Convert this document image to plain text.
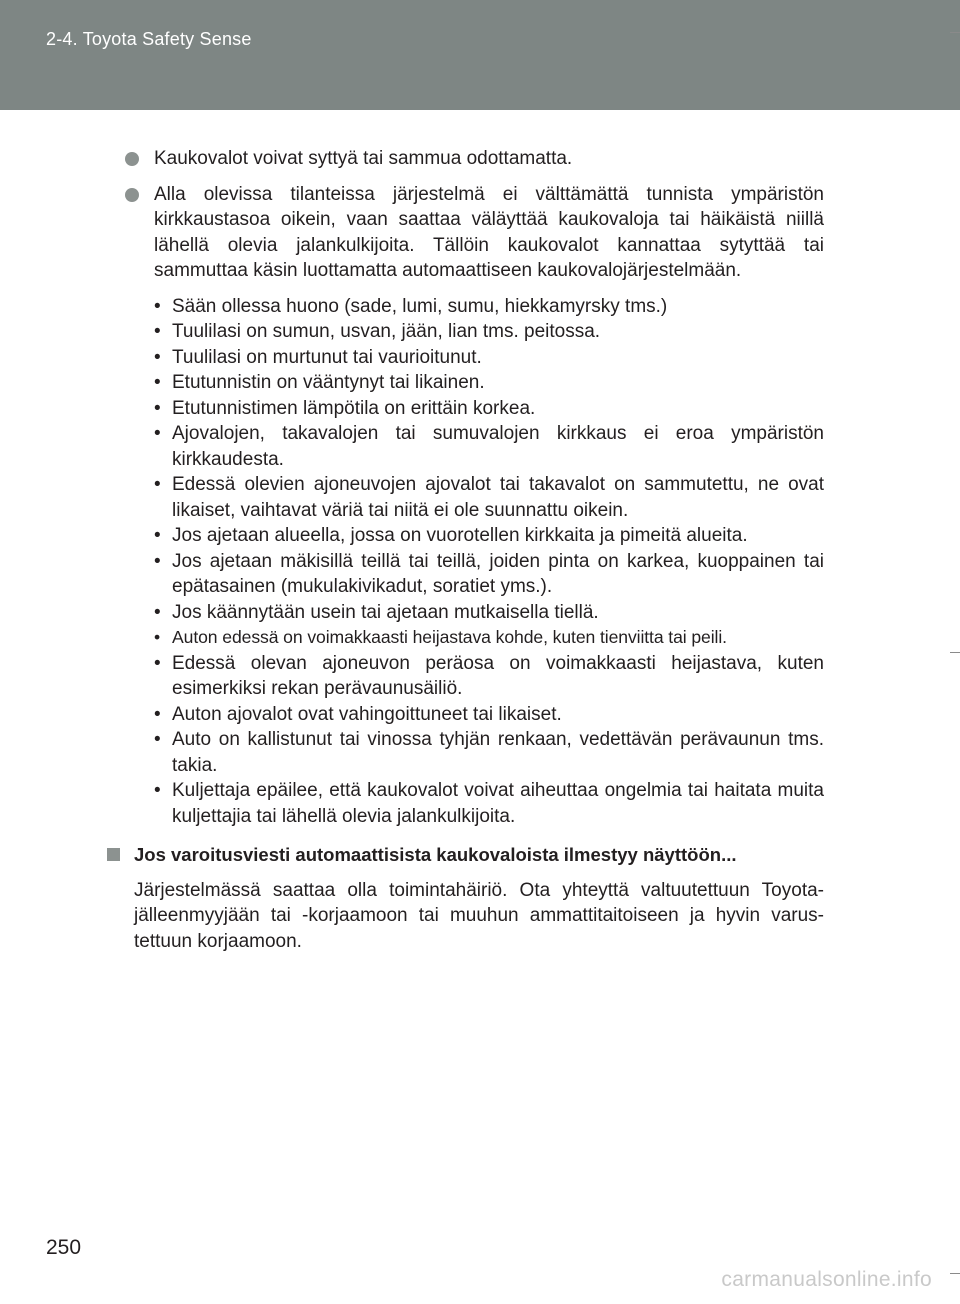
2-4. Toyota Safety Sense
Kaukovalot voivat syttyä tai sammua odottamatta.
Alla olevissa tilanteissa järjestelmä ei välttämättä tunnista ympäristön kirkkaustasoa oikein, vaan saattaa väläyttää kaukovaloja tai häikäistä niillä lähellä olevia jalankulkijoita. Tällöin kaukovalot kannattaa sytyttää tai sammuttaa käsin luottamatta automaattiseen kaukovalojärjestelmään.
• Sään ollessa huono (sade, lumi, sumu, hiekkamyrsky tms.)
• Tuulilasi on sumun, usvan, jään, lian tms. peitossa.
• Tuulilasi on murtunut tai vaurioitunut.
• Etutunnistin on vääntynyt tai likainen.
• Etutunnistimen lämpötila on erittäin korkea.
• Ajovalojen, takavalojen tai sumuvalojen kirkkaus ei eroa ympäristön kirkkaudesta.
• Edessä olevien ajoneuvojen ajovalot tai takavalot on sammutettu, ne ovat likaiset, vaihtavat väriä tai niitä ei ole suunnattu oikein.
• Jos ajetaan alueella, jossa on vuorotellen kirkkaita ja pimeitä alueita.
• Jos ajetaan mäkisillä teillä tai teillä, joiden pinta on karkea, kuoppainen tai epätasainen (mukulakivikadut, soratiet yms.).
• Jos käännytään usein tai ajetaan mutkaisella tiellä.
• Auton edessä on voimakkaasti heijastava kohde, kuten tienviitta tai peili.
• Edessä olevan ajoneuvon peräosa on voimakkaasti heijastava, kuten esimerkiksi rekan perävaunusäiliö.
• Auton ajovalot ovat vahingoittuneet tai likaiset.
• Auto on kallistunut tai vinossa tyhjän renkaan, vedettävän perävaunun tms. takia.
• Kuljettaja epäilee, että kaukovalot voivat aiheuttaa ongelmia tai haitata muita kuljettajia tai lähellä olevia jalankulkijoita.
Jos varoitusviesti automaattisista kaukovaloista ilmestyy näyttöön...
Järjestelmässä saattaa olla toimintahäiriö. Ota yhteyttä valtuutettuun Toyota-jälleenmyyjään tai -korjaamoon tai muuhun ammattitaitoiseen ja hyvin varus-tettuun korjaamoon.
250
carmanualsonline.info
